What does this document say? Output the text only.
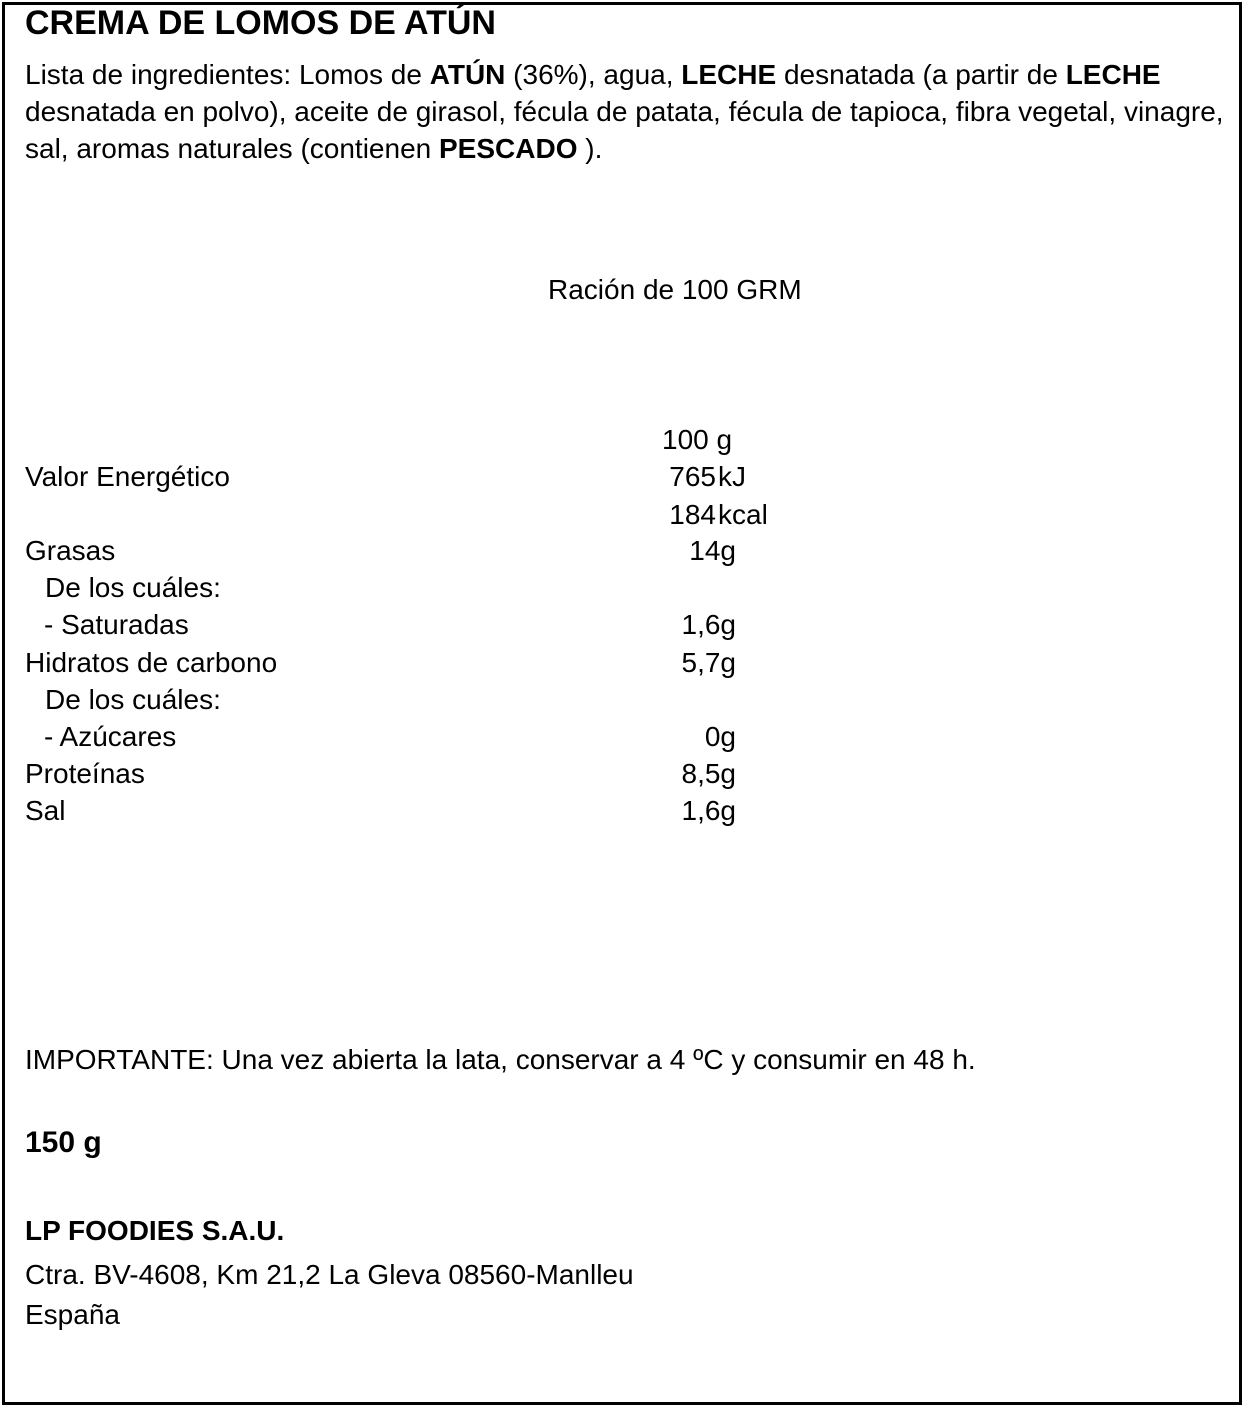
CREMA DE LOMOS DE ATÚN

Lista de ingredientes: Lomos de ATÚN (36%), agua, LECHE desnatada (a partir de LECHE desnatada en polvo), aceite de girasol, fécula de patata, fécula de tapioca, fibra vegetal, vinagre, sal, aromas naturales (contienen PESCADO ).

Ración de 100 GRM
100 g
Valor Energético	765 kJ
184 kcal
Grasas	14g
De los cuáles:
- Saturadas	1,6g
Hidratos de carbono	5,7g
De los cuáles:
- Azúcares	0g
Proteínas	8,5g
Sal	1,6g
IMPORTANTE: Una vez abierta la lata, conservar a 4 ºC y consumir en 48 h.
150 g
LP FOODIES S.A.U.
Ctra. BV-4608, Km 21,2 La Gleva 08560-Manlleu
España
